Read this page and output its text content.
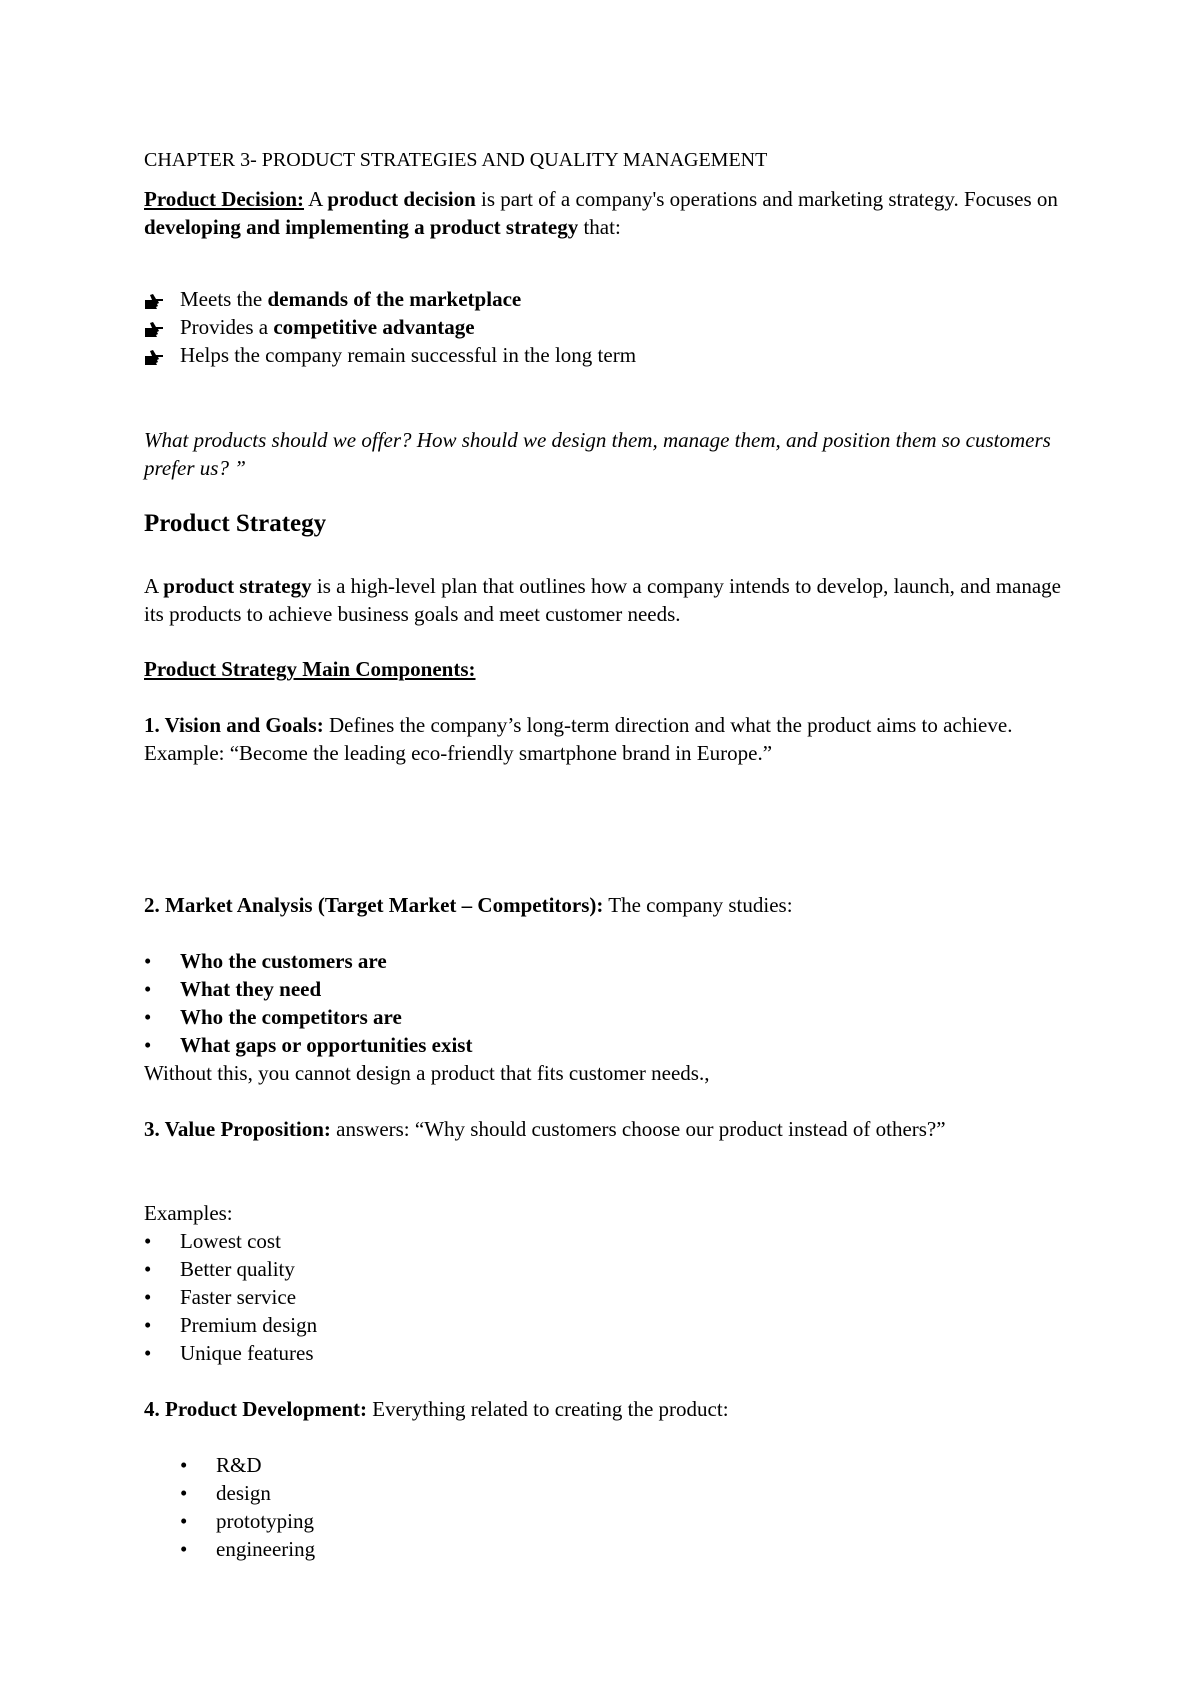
CHAPTER 3- PRODUCT STRATEGIES AND QUALITY MANAGEMENT
Product Decision: A product decision is part of a company's operations and marketing strategy. Focuses on developing and implementing a product strategy that:
Meets the demands of the marketplace
Provides a competitive advantage
Helps the company remain successful in the long term
What products should we offer? How should we design them, manage them, and position them so customers prefer us? ”
Product Strategy
A product strategy is a high-level plan that outlines how a company intends to develop, launch, and manage its products to achieve business goals and meet customer needs.
Product Strategy Main Components:
1. Vision and Goals: Defines the company’s long-term direction and what the product aims to achieve.
Example: “Become the leading eco-friendly smartphone brand in Europe.”
2. Market Analysis (Target Market – Competitors): The company studies:
•	Who the customers are
•	What they need
•	Who the competitors are
•	What gaps or opportunities exist
Without this, you cannot design a product that fits customer needs.,
3. Value Proposition: answers: “Why should customers choose our product instead of others?”
Examples:
•	Lowest cost
•	Better quality
•	Faster service
•	Premium design
•	Unique features
4. Product Development: Everything related to creating the product:
•	R&D
•	design
•	prototyping
•	engineering
